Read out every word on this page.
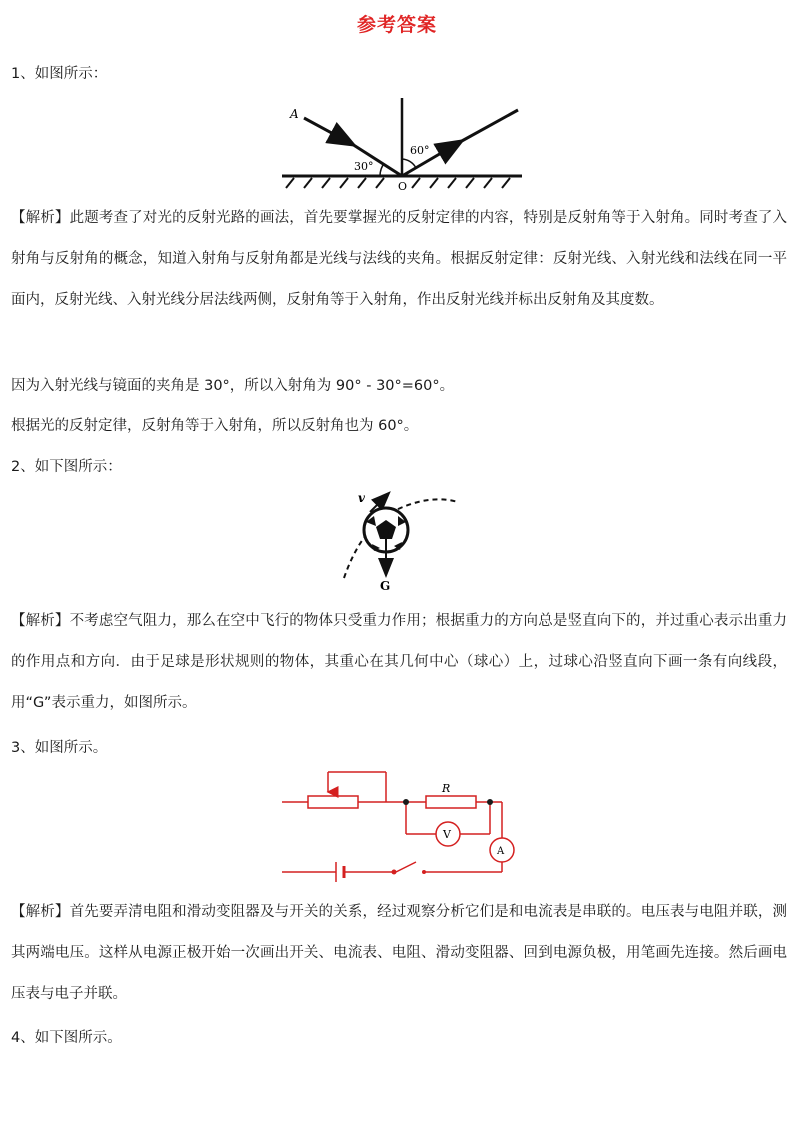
参考答案
1、如图所示：
A
O
30°
60°
【解析】此题考查了对光的反射光路的画法，首先要掌握光的反射定律的内容，特别是反射角等于入射角。同时考查了入射角与反射角的概念，知道入射角与反射角都是光线与法线的夹角。根据反射定律：反射光线、入射光线和法线在同一平面内，反射光线、入射光线分居法线两侧，反射角等于入射角，作出反射光线并标出反射角及其度数。
因为入射光线与镜面的夹角是 30°，所以入射角为 90° - 30°=60°。
根据光的反射定律，反射角等于入射角，所以反射角也为 60°。
2、如下图所示：
v
G
【解析】不考虑空气阻力，那么在空中飞行的物体只受重力作用；根据重力的方向总是竖直向下的，并过重心表示出重力的作用点和方向．由于足球是形状规则的物体，其重心在其几何中心（球心）上，过球心沿竖直向下画一条有向线段，用“G”表示重力，如图所示。
3、如图所示。
R
V
A
【解析】首先要弄清电阻和滑动变阻器及与开关的关系，经过观察分析它们是和电流表是串联的。电压表与电阻并联，测其两端电压。这样从电源正极开始一次画出开关、电流表、电阻、滑动变阻器、回到电源负极，用笔画先连接。然后画电压表与电子并联。
4、如下图所示。
